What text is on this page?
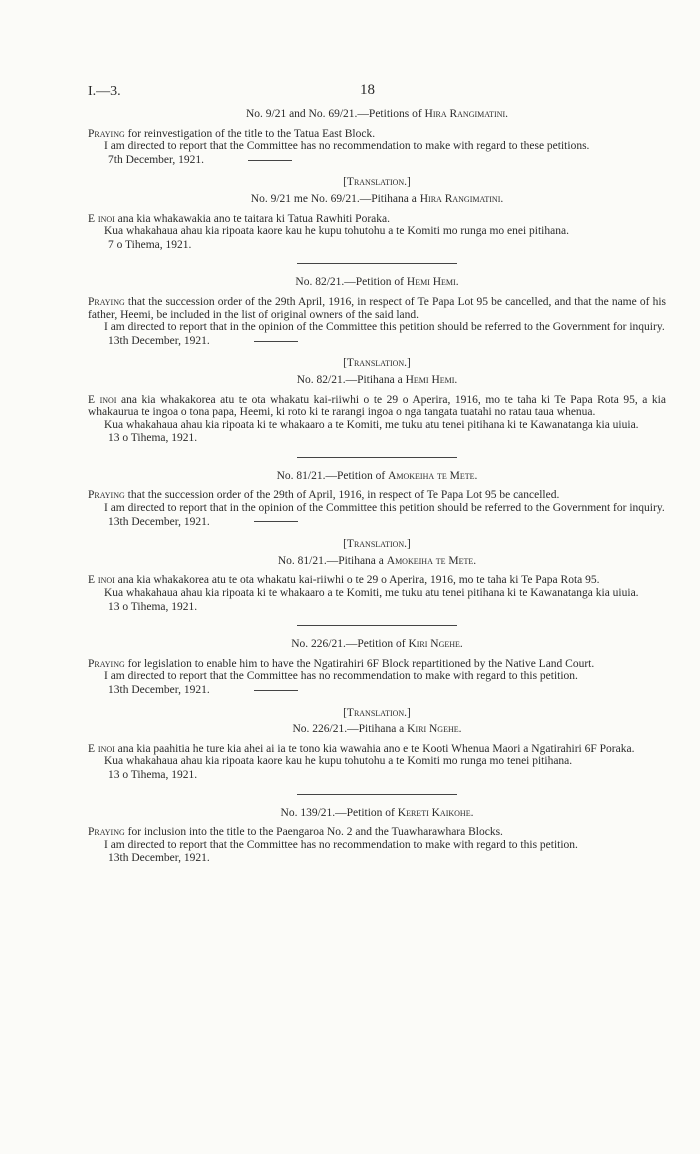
I.—3.	18

No. 9/21 and No. 69/21.—Petitions of Hira Rangimatini.

Praying for reinvestigation of the title to the Tatua East Block.

I am directed to report that the Committee has no recommendation to make with regard to these petitions.

7th December, 1921.

[Translation.]

No. 9/21 me No. 69/21.—Pitihana a Hira Rangimatini.

E inoi ana kia whakawakia ano te taitara ki Tatua Rawhiti Poraka.

Kua whakahaua ahau kia ripoata kaore kau he kupu tohutohu a te Komiti mo runga mo enei pitihana.

7 o Tihema, 1921.

No. 82/21.—Petition of Hemi Hemi.

Praying that the succession order of the 29th April, 1916, in respect of Te Papa Lot 95 be cancelled, and that the name of his father, Heemi, be included in the list of original owners of the said land.

I am directed to report that in the opinion of the Committee this petition should be referred to the Government for inquiry.

13th December, 1921.

[Translation.]

No. 82/21.—Pitihana a Hemi Hemi.

E inoi ana kia whakakorea atu te ota whakatu kai-riiwhi o te 29 o Aperira, 1916, mo te taha ki Te Papa Rota 95, a kia whakaurua te ingoa o tona papa, Heemi, ki roto ki te rarangi ingoa o nga tangata tuatahi no ratau taua whenua.

Kua whakahaua ahau kia ripoata ki te whakaaro a te Komiti, me tuku atu tenei pitihana ki te Kawanatanga kia uiuia.

13 o Tihema, 1921.

No. 81/21.—Petition of Amokeiha te Mete.

Praying that the succession order of the 29th of April, 1916, in respect of Te Papa Lot 95 be cancelled.

I am directed to report that in the opinion of the Committee this petition should be referred to the Government for inquiry.

13th December, 1921.

[Translation.]

No. 81/21.—Pitihana a Amokeiha te Mete.

E inoi ana kia whakakorea atu te ota whakatu kai-riiwhi o te 29 o Aperira, 1916, mo te taha ki Te Papa Rota 95.

Kua whakahaua ahau kia ripoata ki te whakaaro a te Komiti, me tuku atu tenei pitihana ki te Kawanatanga kia uiuia.

13 o Tihema, 1921.

No. 226/21.—Petition of Kiri Ngehe.

Praying for legislation to enable him to have the Ngatirahiri 6F Block repartitioned by the Native Land Court.

I am directed to report that the Committee has no recommendation to make with regard to this petition.

13th December, 1921.

[Translation.]

No. 226/21.—Pitihana a Kiri Ngehe.

E inoi ana kia paahitia he ture kia ahei ai ia te tono kia wawahia ano e te Kooti Whenua Maori a Ngatirahiri 6F Poraka.

Kua whakahaua ahau kia ripoata kaore kau he kupu tohutohu a te Komiti mo runga mo tenei pitihana.

13 o Tihema, 1921.

No. 139/21.—Petition of Kereti Kaikohe.

Praying for inclusion into the title to the Paengaroa No. 2 and the Tuawharawhara Blocks.

I am directed to report that the Committee has no recommendation to make with regard to this petition.

13th December, 1921.
